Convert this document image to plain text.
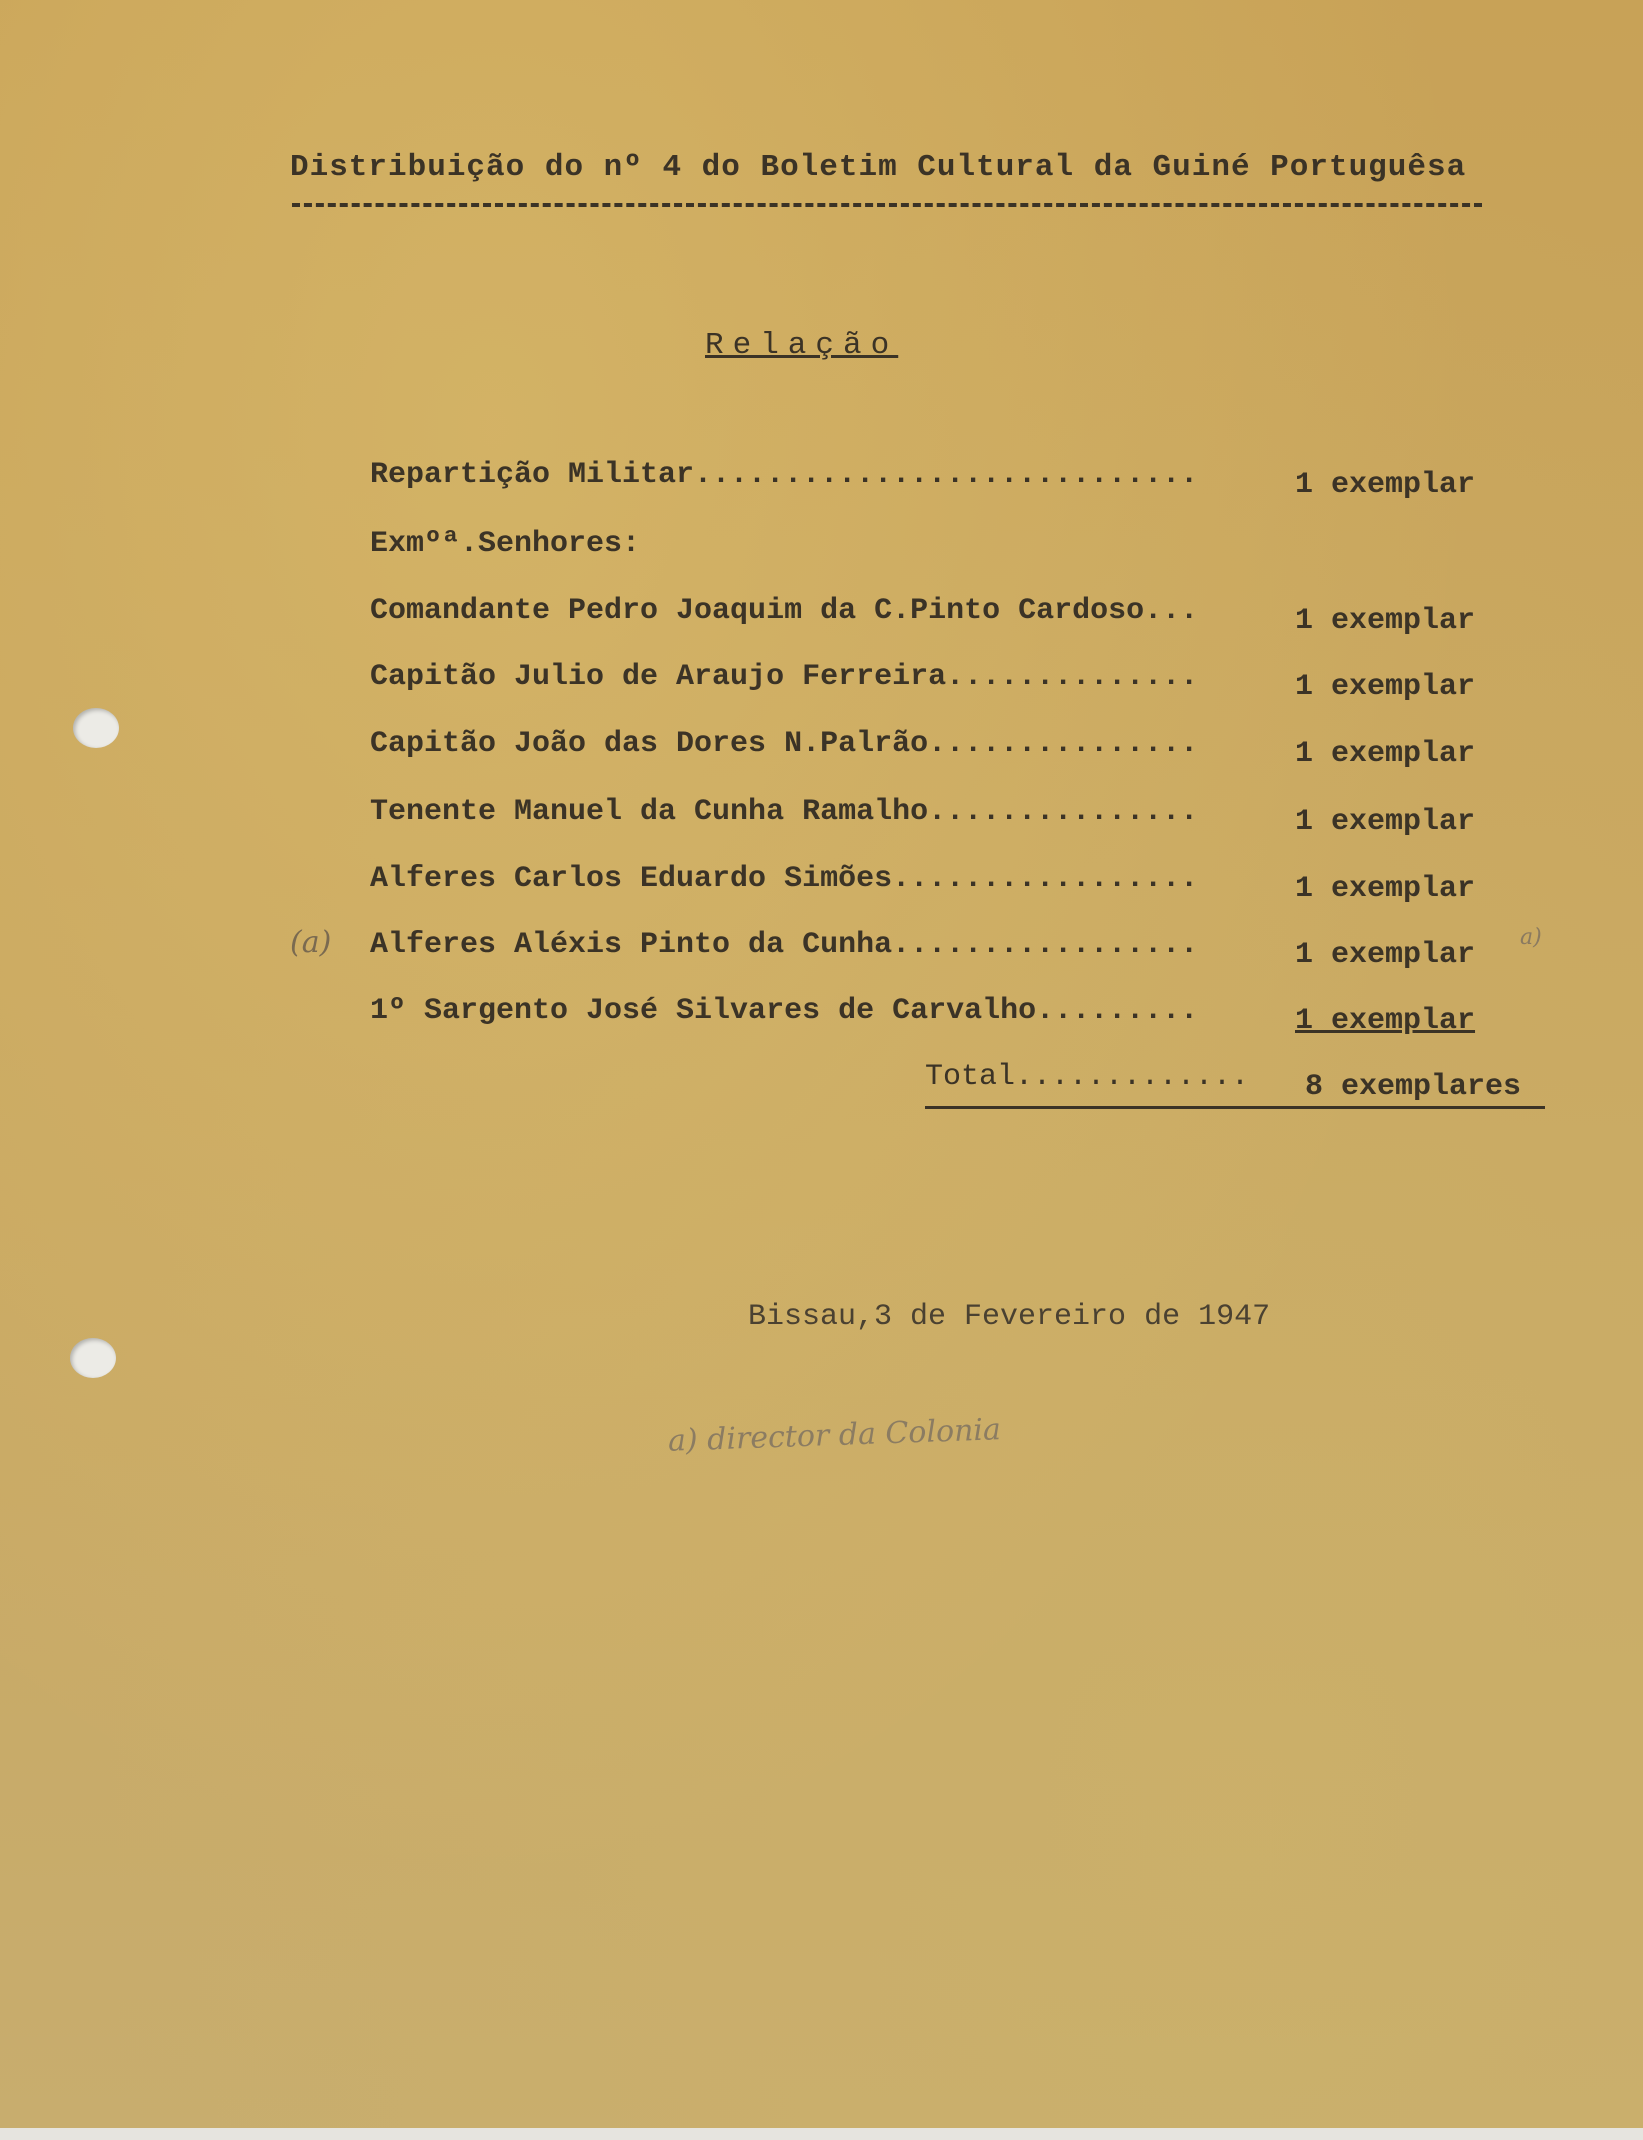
Distribuição do nº 4 do Boletim Cultural da Guiné Portuguêsa
Relação
Repartição Militar............................	1 exemplar
Exmºª.Senhores:
Comandante Pedro Joaquim da C.Pinto Cardoso...	1 exemplar
Capitão Julio de Araujo Ferreira..............	1 exemplar
Capitão João das Dores N.Palrão...............	1 exemplar
Tenente Manuel da Cunha Ramalho...............	1 exemplar
Alferes Carlos Eduardo Simões.................	1 exemplar
Alferes Aléxis Pinto da Cunha.................	1 exemplar
1º Sargento José Silvares de Carvalho.........	1 exemplar
Total............. 8 exemplares
Bissau,3 de Fevereiro de 1947
(a)	a)
a) director da Colonia
